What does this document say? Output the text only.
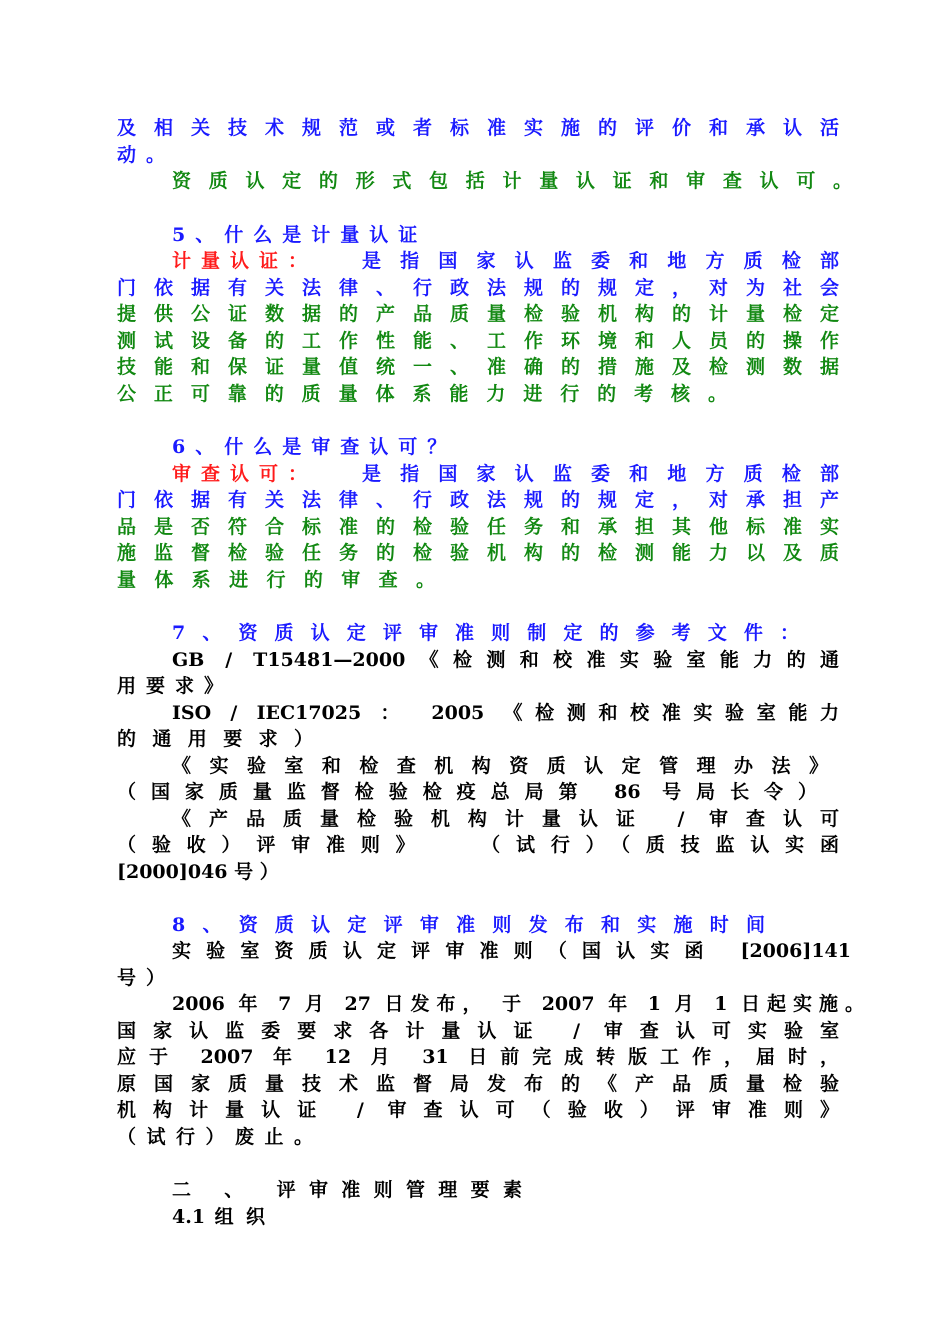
及相关技术规范或者标准实施的评价和承认活
动。
资质认定的形式包括计量认证和审查认可。
5、什么是计量认证
计量认证：	是指国家认监委和地方质检部
门依据有关法律、行政法规的规定，对为社会
提供公证数据的产品质量检验机构的计量检定
测试设备的工作性能、工作环境和人员的操作
技能和保证量值统一、准确的措施及检测数据
公正可靠的质量体系能力进行的考核。
6、什么是审查认可？
审查认可：	是指国家认监委和地方质检部
门依据有关法律、行政法规的规定，对承担产
品是否符合标准的检验任务和承担其他标准实
施监督检验任务的检验机构的检测能力以及质
量体系进行的审查。
7、资质认定评审准则制定的参考文件：
GB / T15481—2000《检测和校准实验室能力的通
用要求》
ISO / IEC17025 ： 2005 《检测和校准实验室能力
的通用要求）
《实验室和检查机构资质认定管理办法》
（国家质量监督检验检疫总局第 86 号局长令）
《产品质量检验机构计量认证 / 审查认可
（验收）评审准则》　　（试行）（质技监认实函
[2000]046 号 ）
8、资质认定评审准则发布和实施时间
实验室资质认定评审准则（国认实函 [2006]141
号）
2006 年 7 月 27 日发布， 于 2007 年 1 月 1 日起实施。
国家认监委要求各计量认证 / 审查认可实验室
应于 2007 年 12 月 31 日前完成转版工作，届时，
原国家质量技术监督局发布的《产品质量检验
机构计量认证 / 审查认可（验收）评审准则》
（试行）废止。
二 、 评审准则管理要素
4.1 组 织
